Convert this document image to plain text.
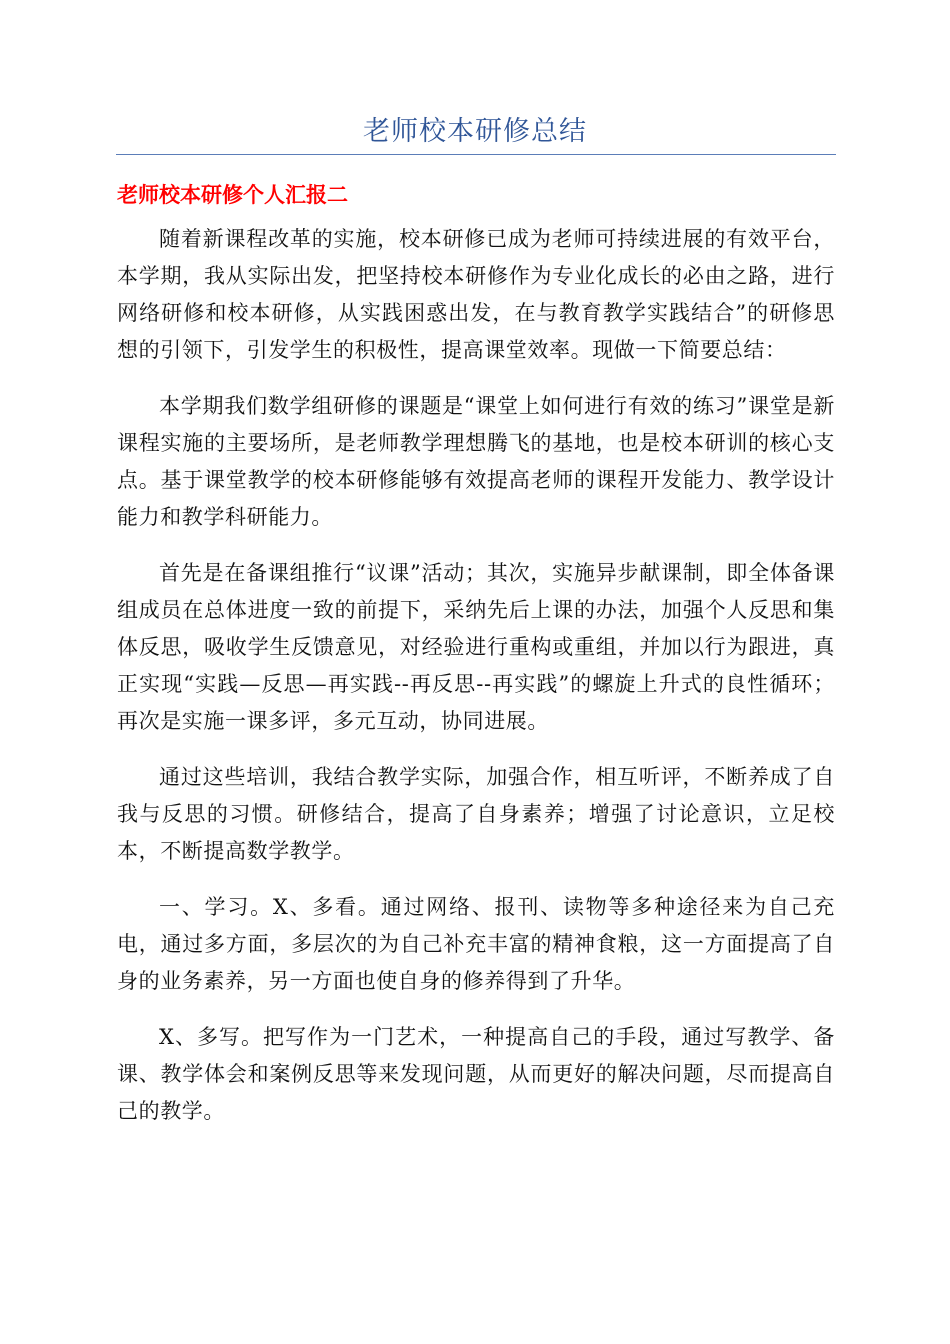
老师校本研修总结
老师校本研修个人汇报二

随着新课程改革的实施，校本研修已成为老师可持续进展的有效平台，本学期，我从实际出发，把坚持校本研修作为专业化成长的必由之路，进行网络研修和校本研修，从实践困惑出发，在与教育教学实践结合”的研修思想的引领下，引发学生的积极性，提高课堂效率。现做一下简要总结：

本学期我们数学组研修的课题是“课堂上如何进行有效的练习”课堂是新课程实施的主要场所，是老师教学理想腾飞的基地，也是校本研训的核心支点。基于课堂教学的校本研修能够有效提高老师的课程开发能力、教学设计能力和教学科研能力。

首先是在备课组推行“议课”活动；其次，实施异步献课制，即全体备课组成员在总体进度一致的前提下，采纳先后上课的办法，加强个人反思和集体反思，吸收学生反馈意见，对经验进行重构或重组，并加以行为跟进，真正实现“实践—反思—再实践--再反思--再实践”的螺旋上升式的良性循环；再次是实施一课多评，多元互动，协同进展。

通过这些培训，我结合教学实际，加强合作，相互听评，不断养成了自我与反思的习惯。研修结合，提高了自身素养；增强了讨论意识，立足校本，不断提高数学教学。

一、学习。X、多看。通过网络、报刊、读物等多种途径来为自己充电，通过多方面，多层次的为自己补充丰富的精神食粮，这一方面提高了自身的业务素养，另一方面也使自身的修养得到了升华。

X、多写。把写作为一门艺术，一种提高自己的手段，通过写教学、备课、教学体会和案例反思等来发现问题，从而更好的解决问题，尽而提高自己的教学。
